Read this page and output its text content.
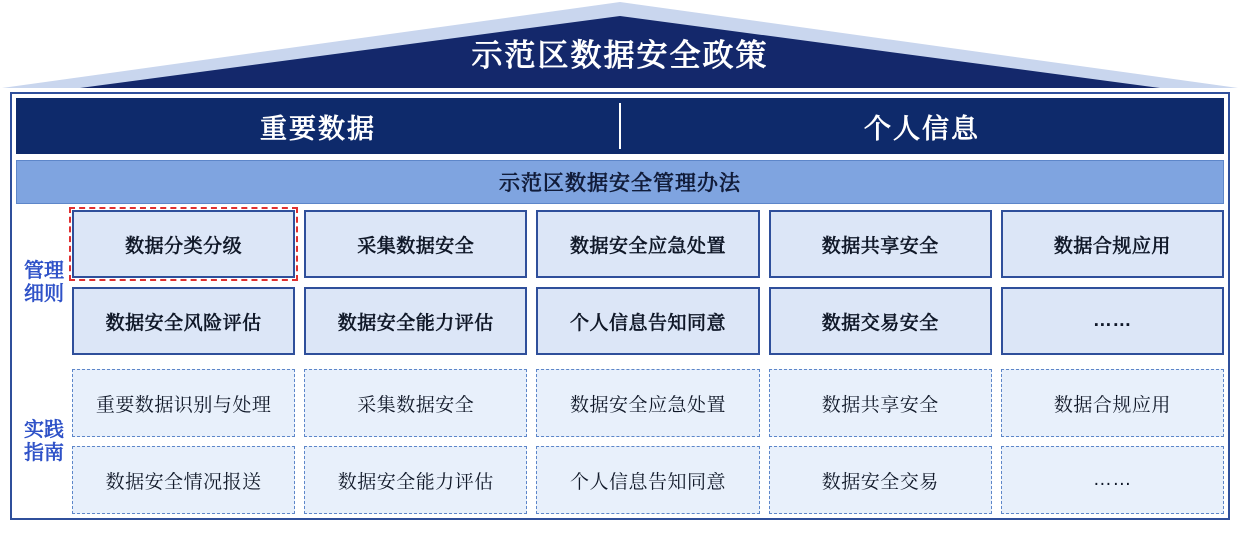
示范区数据安全政策
重要数据	个人信息
示范区数据安全管理办法
管理
细则
数据分类分级	采集数据安全	数据安全应急处置	数据共享安全	数据合规应用
数据安全风险评估	数据安全能力评估	个人信息告知同意	数据交易安全	……
实践
指南
重要数据识别与处理	采集数据安全	数据安全应急处置	数据共享安全	数据合规应用
数据安全情况报送	数据安全能力评估	个人信息告知同意	数据安全交易	……
